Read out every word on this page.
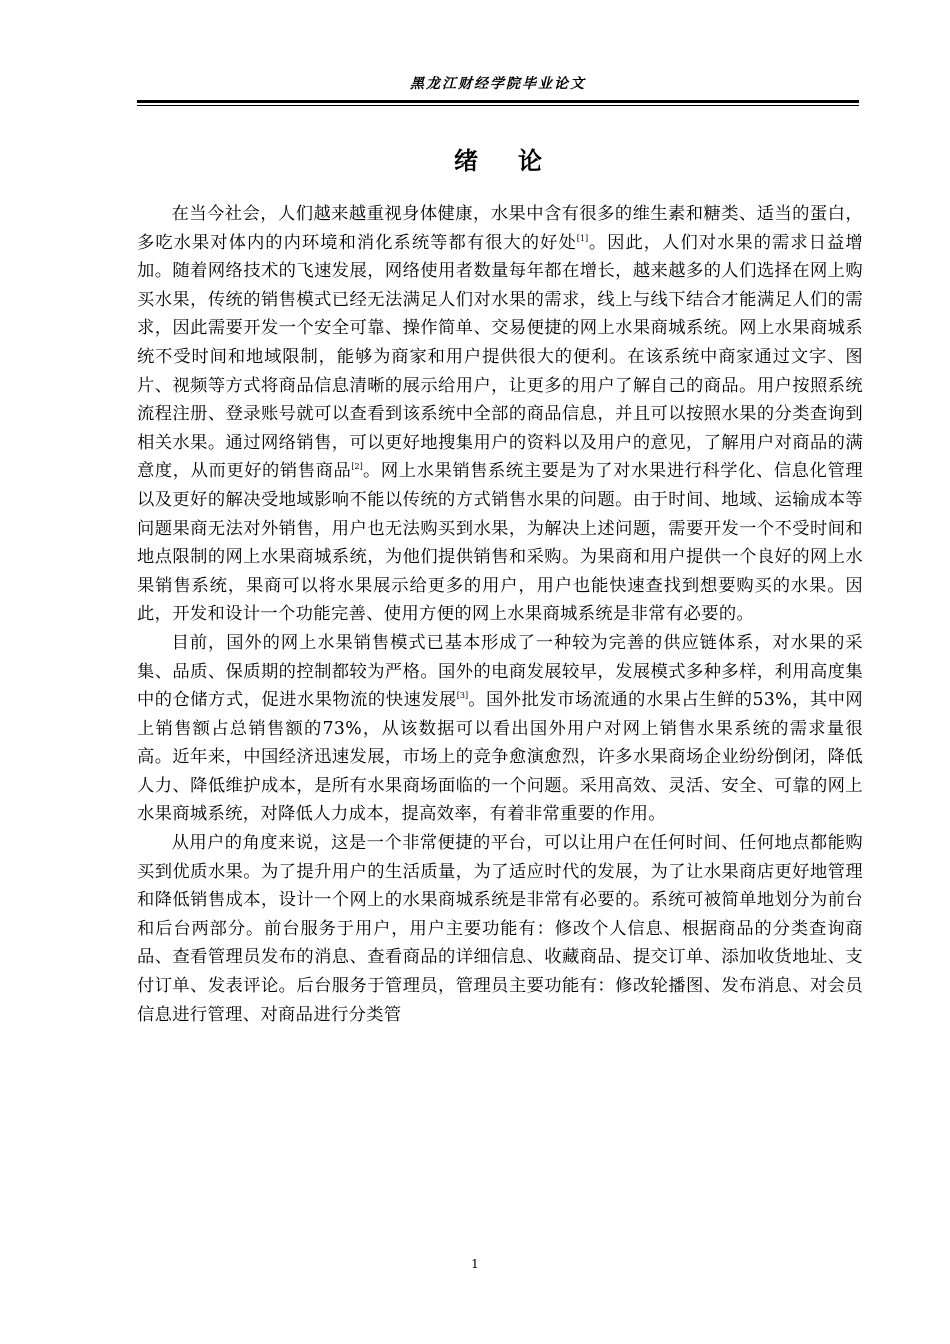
黑龙江财经学院毕业论文
绪论

在当今社会，人们越来越重视身体健康，水果中含有很多的维生素和糖类、适当的蛋白，多吃水果对体内的内环境和消化系统等都有很大的好处[1]。因此，人们对水果的需求日益增加。随着网络技术的飞速发展，网络使用者数量每年都在增长，越来越多的人们选择在网上购买水果，传统的销售模式已经无法满足人们对水果的需求，线上与线下结合才能满足人们的需求，因此需要开发一个安全可靠、操作简单、交易便捷的网上水果商城系统。网上水果商城系统不受时间和地域限制，能够为商家和用户提供很大的便利。在该系统中商家通过文字、图片、视频等方式将商品信息清晰的展示给用户，让更多的用户了解自己的商品。用户按照系统流程注册、登录账号就可以查看到该系统中全部的商品信息，并且可以按照水果的分类查询到相关水果。通过网络销售，可以更好地搜集用户的资料以及用户的意见，了解用户对商品的满意度，从而更好的销售商品[2]。网上水果销售系统主要是为了对水果进行科学化、信息化管理以及更好的解决受地域影响不能以传统的方式销售水果的问题。由于时间、地域、运输成本等问题果商无法对外销售，用户也无法购买到水果，为解决上述问题，需要开发一个不受时间和地点限制的网上水果商城系统，为他们提供销售和采购。为果商和用户提供一个良好的网上水果销售系统，果商可以将水果展示给更多的用户，用户也能快速查找到想要购买的水果。因此，开发和设计一个功能完善、使用方便的网上水果商城系统是非常有必要的。

目前，国外的网上水果销售模式已基本形成了一种较为完善的供应链体系，对水果的采集、品质、保质期的控制都较为严格。国外的电商发展较早，发展模式多种多样，利用高度集中的仓储方式，促进水果物流的快速发展[3]。国外批发市场流通的水果占生鲜的53%，其中网上销售额占总销售额的73%，从该数据可以看出国外用户对网上销售水果系统的需求量很高。近年来，中国经济迅速发展，市场上的竞争愈演愈烈，许多水果商场企业纷纷倒闭，降低人力、降低维护成本，是所有水果商场面临的一个问题。采用高效、灵活、安全、可靠的网上水果商城系统，对降低人力成本，提高效率，有着非常重要的作用。

从用户的角度来说，这是一个非常便捷的平台，可以让用户在任何时间、任何地点都能购买到优质水果。为了提升用户的生活质量，为了适应时代的发展，为了让水果商店更好地管理和降低销售成本，设计一个网上的水果商城系统是非常有必要的。系统可被简单地划分为前台和后台两部分。前台服务于用户，用户主要功能有：修改个人信息、根据商品的分类查询商品、查看管理员发布的消息、查看商品的详细信息、收藏商品、提交订单、添加收货地址、支付订单、发表评论。后台服务于管理员，管理员主要功能有：修改轮播图、发布消息、对会员信息进行管理、对商品进行分类管

1
